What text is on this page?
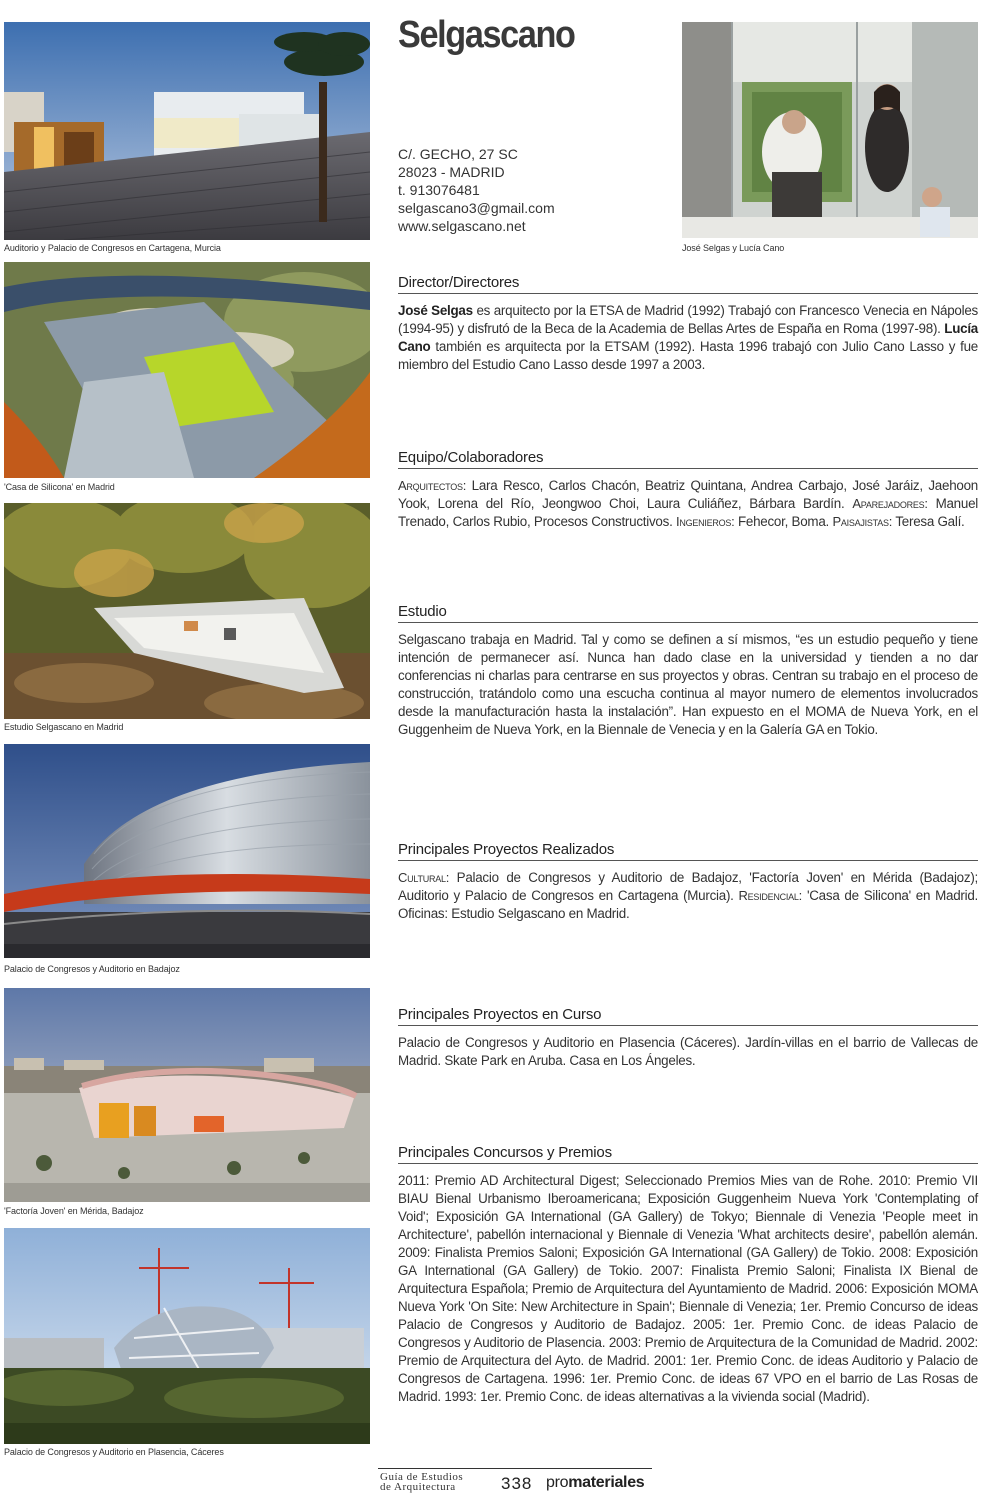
Auditorio y Palacio de Congresos en Cartagena, Murcia	José Selgas y Lucía Cano
Selgascano
C/. GECHO, 27 SC
28023 - MADRID
t. 913076481
selgascano3@gmail.com
www.selgascano.net
'Casa de Silicona' en Madrid
Estudio Selgascano en Madrid
Palacio de Congresos y Auditorio en Badajoz
'Factoría Joven' en Mérida, Badajoz
Palacio de Congresos y Auditorio en Plasencia, Cáceres
Director/Directores

José Selgas es arquitecto por la ETSA de Madrid (1992) Trabajó con Francesco Venecia en Nápoles (1994-95) y disfrutó de la Beca de la Academia de Bellas Artes de España en Roma (1997-98). Lucía Cano también es arquitecta por la ETSAM (1992). Hasta 1996 trabajó con Julio Cano Lasso y fue miembro del Estudio Cano Lasso desde 1997 a 2003.

Equipo/Colaboradores

Arquitectos: Lara Resco, Carlos Chacón, Beatriz Quintana, Andrea Carbajo, José Jaráiz, Jaehoon Yook, Lorena del Río, Jeongwoo Choi, Laura Culiáñez, Bárbara Bardín. Aparejadores: Manuel Trenado, Carlos Rubio, Procesos Constructivos. Ingenieros: Fehecor, Boma. Paisajistas: Teresa Galí.

Estudio

Selgascano trabaja en Madrid. Tal y como se definen a sí mismos, “es un estudio pequeño y tiene intención de permanecer así. Nunca han dado clase en la universidad y tienden a no dar conferencias ni charlas para centrarse en sus proyectos y obras. Centran su trabajo en el proceso de construcción, tratándolo como una escucha continua al mayor numero de elementos involucrados desde la manufacturación hasta la instalación”. Han expuesto en el MOMA de Nueva York, en el Guggenheim de Nueva York, en la Biennale de Venecia y en la Galería GA en Tokio.

Principales Proyectos Realizados

Cultural: Palacio de Congresos y Auditorio de Badajoz, 'Factoría Joven' en Mérida (Badajoz); Auditorio y Palacio de Congresos en Cartagena (Murcia). Residencial: 'Casa de Silicona' en Madrid. Oficinas: Estudio Selgascano en Madrid.

Principales Proyectos en Curso

Palacio de Congresos y Auditorio en Plasencia (Cáceres). Jardín-villas en el barrio de Vallecas de Madrid. Skate Park en Aruba. Casa en Los Ángeles.

Principales Concursos y Premios

2011: Premio AD Architectural Digest; Seleccionado Premios Mies van de Rohe. 2010: Premio VII BIAU Bienal Urbanismo Iberoamericana; Exposición Guggenheim Nueva York 'Contemplating of Void'; Exposición GA International (GA Gallery) de Tokyo; Biennale di Venezia 'People meet in Architecture', pabellón internacional y Biennale di Venezia 'What architects desire', pabellón alemán. 2009: Finalista Premios Saloni; Exposición GA International (GA Gallery) de Tokio. 2008: Exposición GA International (GA Gallery) de Tokio. 2007: Finalista Premio Saloni; Finalista IX Bienal de Arquitectura Española; Premio de Arquitectura del Ayuntamiento de Madrid. 2006: Exposición MOMA Nueva York 'On Site: New Architecture in Spain'; Biennale di Venezia; 1er. Premio Concurso de ideas Palacio de Congresos y Auditorio de Badajoz. 2005: 1er. Premio Conc. de ideas Palacio de Congresos y Auditorio de Plasencia. 2003: Premio de Arquitectura de la Comunidad de Madrid. 2002: Premio de Arquitectura del Ayto. de Madrid. 2001: 1er. Premio Conc. de ideas Auditorio y Palacio de Congresos de Cartagena. 1996: 1er. Premio Conc. de ideas 67 VPO en el barrio de Las Rosas de Madrid. 1993: 1er. Premio Conc. de ideas alternativas a la vivienda social (Madrid).

Guía de Estudios
de Arquitectura	338 promateriales
